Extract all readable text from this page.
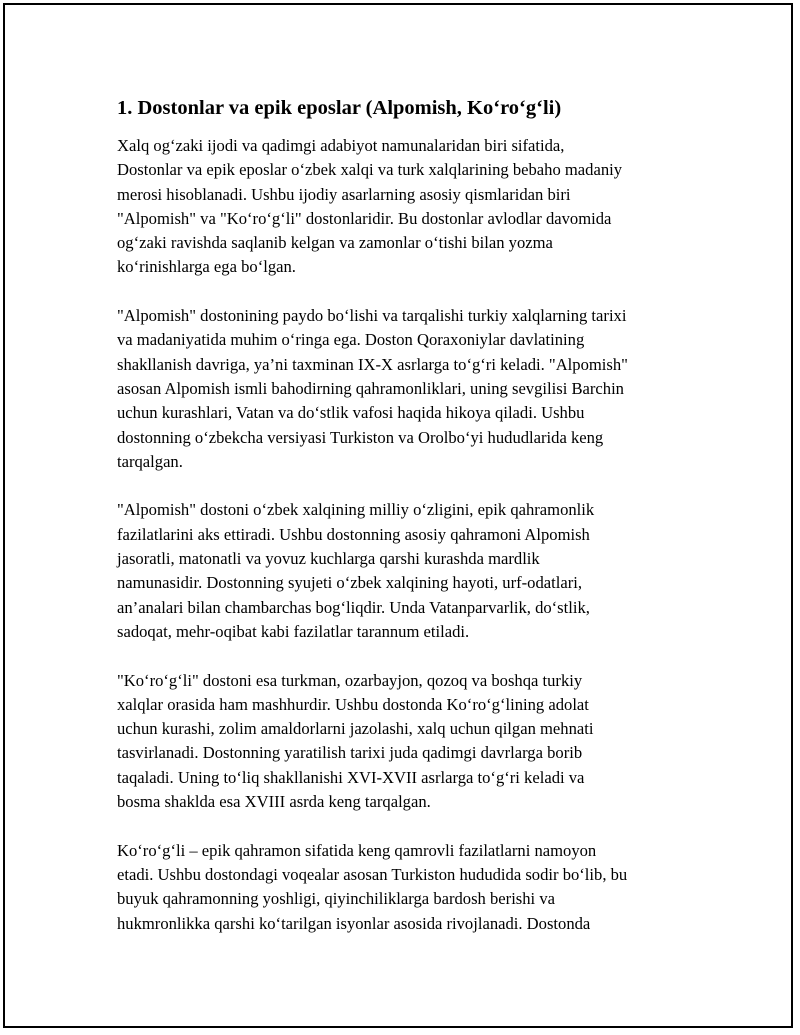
1. Dostonlar va epik eposlar (Alpomish, Ko‘ro‘g‘li)
Xalq og‘zaki ijodi va qadimgi adabiyot namunalaridan biri sifatida,
Dostonlar va epik eposlar o‘zbek xalqi va turk xalqlarining bebaho madaniy
merosi hisoblanadi. Ushbu ijodiy asarlarning asosiy qismlaridan biri
"Alpomish" va "Ko‘ro‘g‘li" dostonlaridir. Bu dostonlar avlodlar davomida
og‘zaki ravishda saqlanib kelgan va zamonlar o‘tishi bilan yozma
ko‘rinishlarga ega bo‘lgan.
"Alpomish" dostonining paydo bo‘lishi va tarqalishi turkiy xalqlarning tarixi
va madaniyatida muhim o‘ringa ega. Doston Qoraxoniylar davlatining
shakllanish davriga, ya’ni taxminan IX-X asrlarga to‘g‘ri keladi. "Alpomish"
asosan Alpomish ismli bahodirning qahramonliklari, uning sevgilisi Barchin
uchun kurashlari, Vatan va do‘stlik vafosi haqida hikoya qiladi. Ushbu
dostonning o‘zbekcha versiyasi Turkiston va Orolbo‘yi hududlarida keng
tarqalgan.
"Alpomish" dostoni o‘zbek xalqining milliy o‘zligini, epik qahramonlik
fazilatlarini aks ettiradi. Ushbu dostonning asosiy qahramoni Alpomish
jasoratli, matonatli va yovuz kuchlarga qarshi kurashda mardlik
namunasidir. Dostonning syujeti o‘zbek xalqining hayoti, urf-odatlari,
an’analari bilan chambarchas bog‘liqdir. Unda Vatanparvarlik, do‘stlik,
sadoqat, mehr-oqibat kabi fazilatlar tarannum etiladi.
"Ko‘ro‘g‘li" dostoni esa turkman, ozarbayjon, qozoq va boshqa turkiy
xalqlar orasida ham mashhurdir. Ushbu dostonda Ko‘ro‘g‘lining adolat
uchun kurashi, zolim amaldorlarni jazolashi, xalq uchun qilgan mehnati
tasvirlanadi. Dostonning yaratilish tarixi juda qadimgi davrlarga borib
taqaladi. Uning to‘liq shakllanishi XVI-XVII asrlarga to‘g‘ri keladi va
bosma shaklda esa XVIII asrda keng tarqalgan.
Ko‘ro‘g‘li – epik qahramon sifatida keng qamrovli fazilatlarni namoyon
etadi. Ushbu dostondagi voqealar asosan Turkiston hududida sodir bo‘lib, bu
buyuk qahramonning yoshligi, qiyinchiliklarga bardosh berishi va
hukmronlikka qarshi ko‘tarilgan isyonlar asosida rivojlanadi. Dostonda
